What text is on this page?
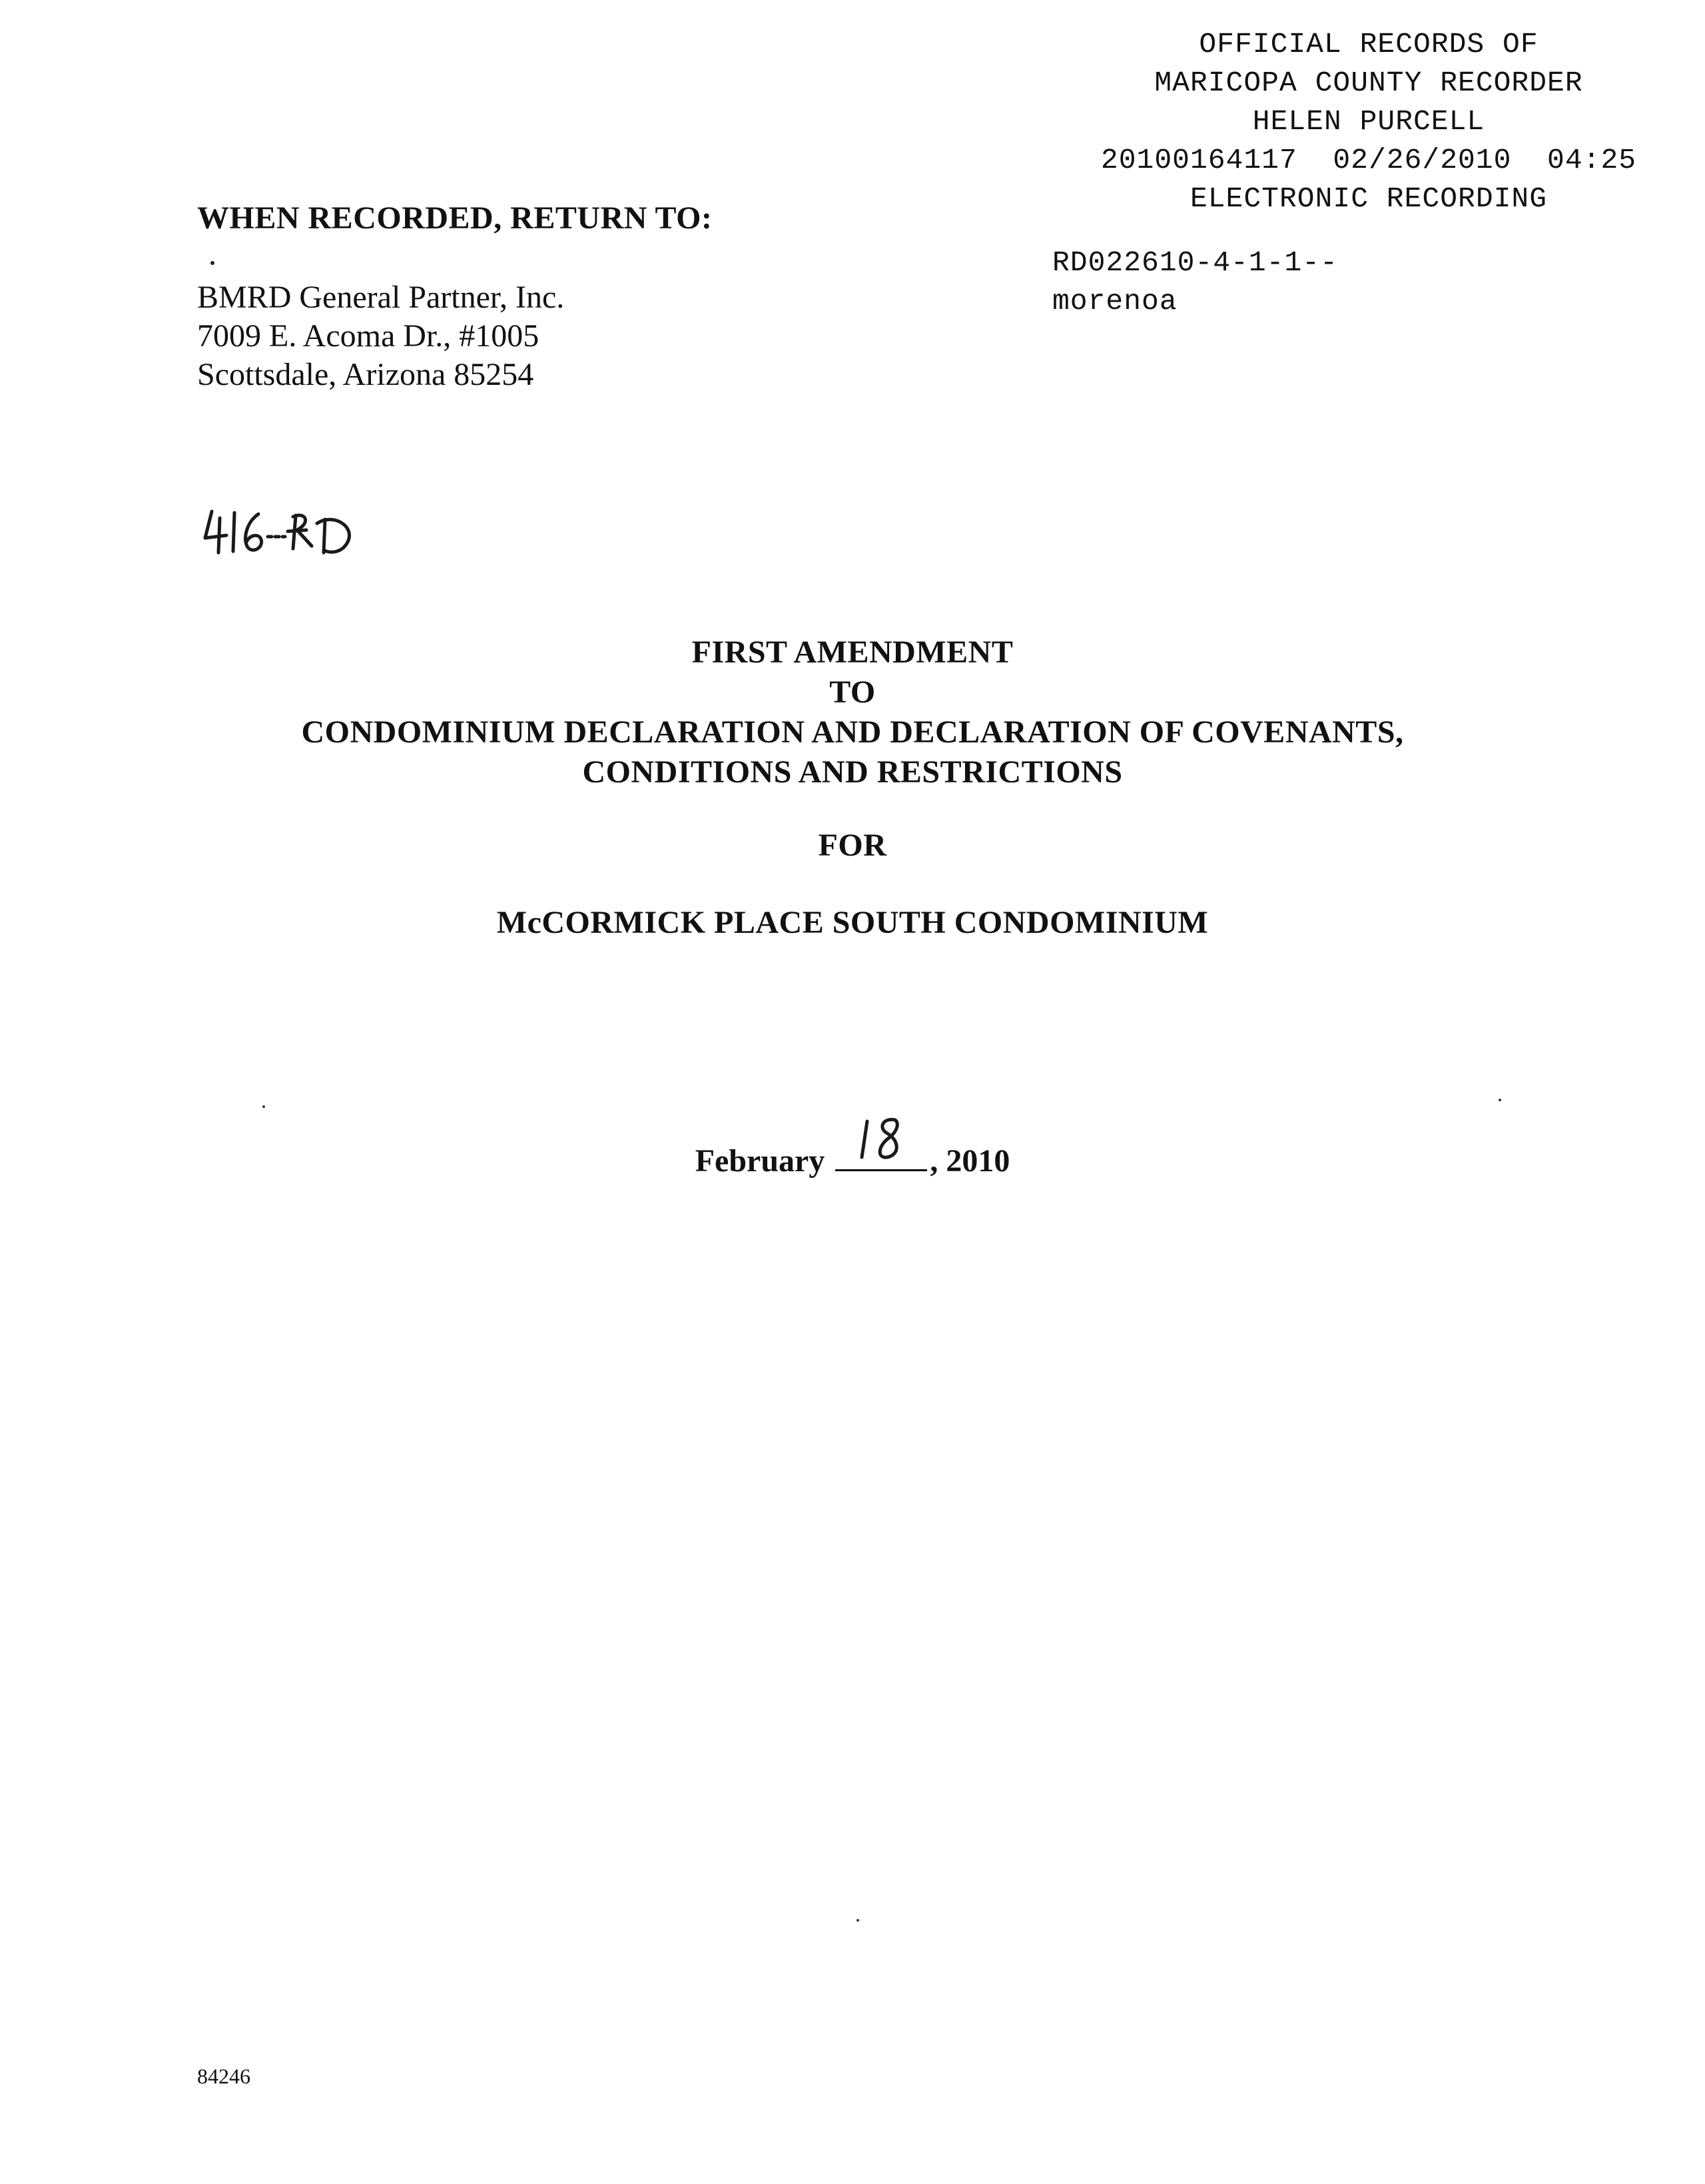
OFFICIAL RECORDS OF
MARICOPA COUNTY RECORDER
HELEN PURCELL
20100164117  02/26/2010  04:25
ELECTRONIC RECORDING
RD022610-4-1-1--
morenoa
WHEN RECORDED, RETURN TO:
BMRD General Partner, Inc.
7009 E. Acoma Dr., #1005
Scottsdale, Arizona 85254
FIRST AMENDMENT
TO
CONDOMINIUM DECLARATION AND DECLARATION OF COVENANTS,
CONDITIONS AND RESTRICTIONS
FOR
McCORMICK PLACE SOUTH CONDOMINIUM
February	, 2010
84246
